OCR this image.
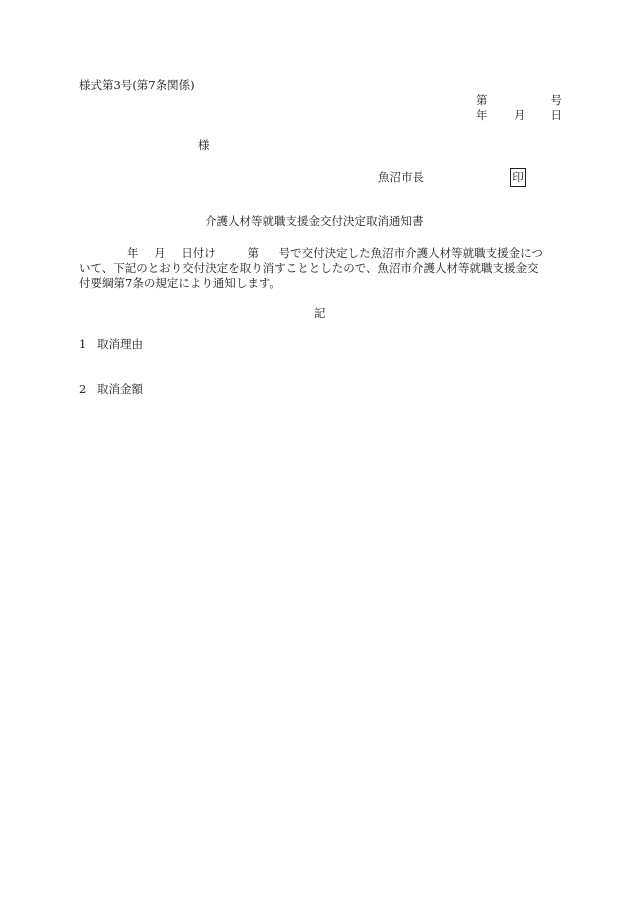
様式第3号(第7条関係)
第	号
年 月 日
様
魚沼市長	印
介護人材等就職支援金交付決定取消通知書
年 月 日付け	第 号で交付決定した魚沼市介護人材等就職支援金につ
いて、下記のとおり交付決定を取り消すこととしたので、魚沼市介護人材等就職支援金交
付要綱第7条の規定により通知します。
記
1 取消理由
2 取消金額
